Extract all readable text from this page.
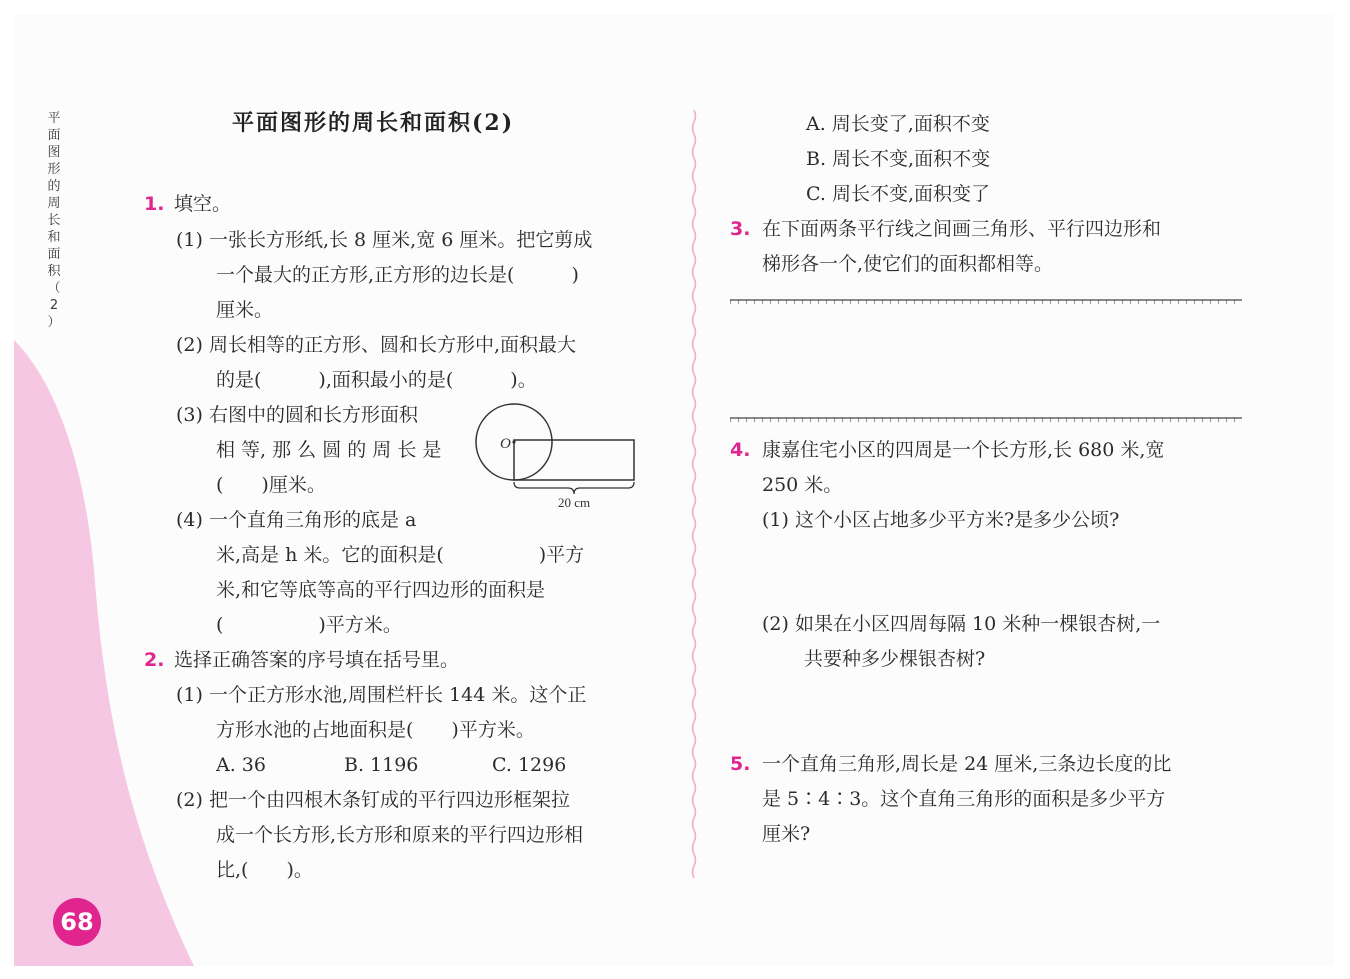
平
面
图
形
的
周
长
和
面
积
（
2
）
68
平面图形的周长和面积(2)
1. 填空。
(1) 一张长方形纸,长 8 厘米,宽 6 厘米。把它剪成
一个最大的正方形,正方形的边长是(　　　)
厘米。
(2) 周长相等的正方形、圆和长方形中,面积最大
的是(　　　),面积最小的是(　　　)。
(3) 右图中的圆和长方形面积
相 等, 那 么 圆 的 周 长 是
(　　)厘米。
O
20 cm
(4) 一个直角三角形的底是 a
米,高是 h 米。它的面积是(　　　　　)平方
米,和它等底等高的平行四边形的面积是
(　　　　　)平方米。
2. 选择正确答案的序号填在括号里。
(1) 一个正方形水池,周围栏杆长 144 米。这个正
方形水池的占地面积是(　　)平方米。
A. 36	B. 1196	C. 1296
(2) 把一个由四根木条钉成的平行四边形框架拉
成一个长方形,长方形和原来的平行四边形相
比,(　　)。
A. 周长变了,面积不变
B. 周长不变,面积不变
C. 周长不变,面积变了
3. 在下面两条平行线之间画三角形、平行四边形和
梯形各一个,使它们的面积都相等。
4. 康嘉住宅小区的四周是一个长方形,长 680 米,宽
250 米。
(1) 这个小区占地多少平方米?是多少公顷?
(2) 如果在小区四周每隔 10 米种一棵银杏树,一
共要种多少棵银杏树?
5. 一个直角三角形,周长是 24 厘米,三条边长度的比
是 5∶4∶3。这个直角三角形的面积是多少平方
厘米?
